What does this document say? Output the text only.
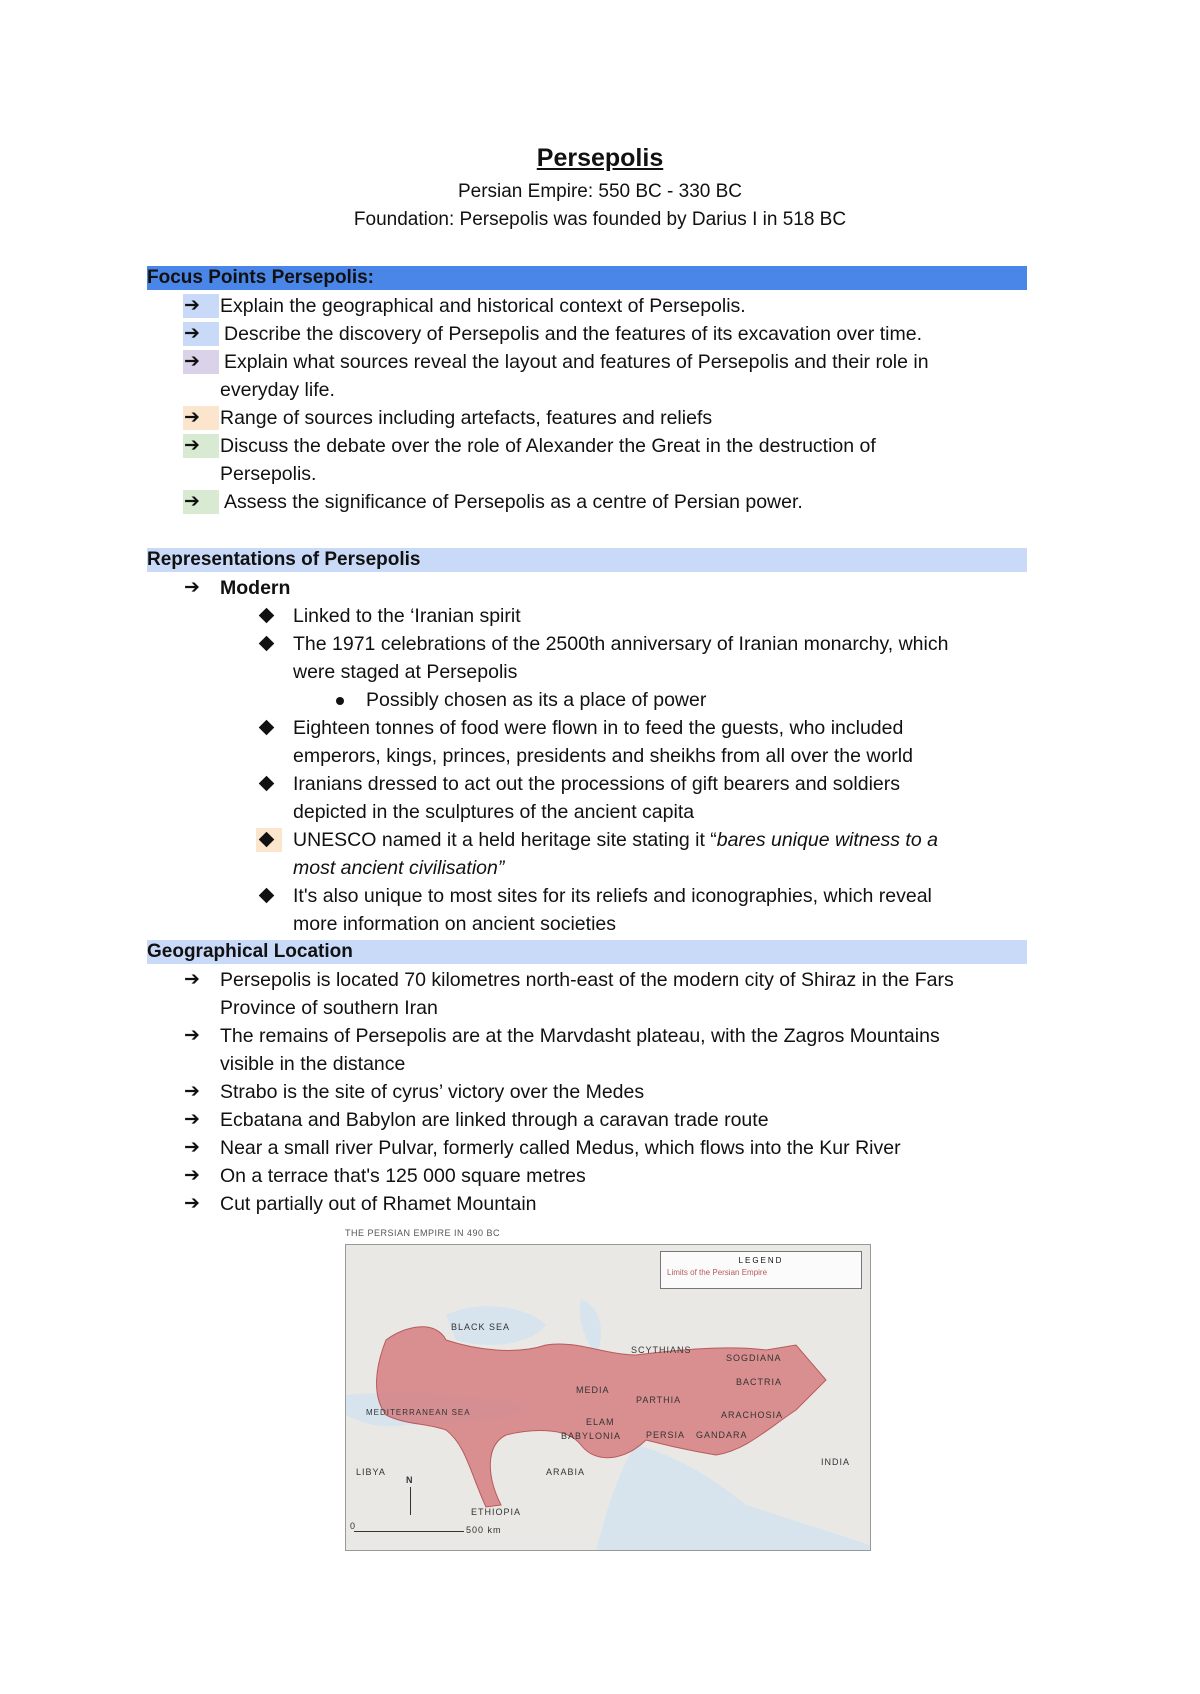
Persepolis
Persian Empire: 550 BC - 330 BC
Foundation: Persepolis was founded by Darius I in 518 BC
Focus Points Persepolis:
➔
➔
➔
➔
➔
➔
Explain the geographical and historical context of Persepolis.
Describe the discovery of Persepolis and the features of its excavation over time.
Explain what sources reveal the layout and features of Persepolis and their role in
everyday life.
Range of sources including artefacts, features and reliefs
Discuss the debate over the role of Alexander the Great in the destruction of
Persepolis.
Assess the significance of Persepolis as a centre of Persian power.
Representations of Persepolis
➔ Modern
Linked to the ‘Iranian spirit
The 1971 celebrations of the 2500th anniversary of Iranian monarchy, which
were staged at Persepolis
Possibly chosen as its a place of power
Eighteen tonnes of food were flown in to feed the guests, who included
emperors, kings, princes, presidents and sheikhs from all over the world
Iranians dressed to act out the processions of gift bearers and soldiers
depicted in the sculptures of the ancient capita
UNESCO named it a held heritage site stating it “bares unique witness to a
most ancient civilisation”
It's also unique to most sites for its reliefs and iconographies, which reveal
more information on ancient societies
Geographical Location
➔ Persepolis is located 70 kilometres north-east of the modern city of Shiraz in the Fars
Province of southern Iran
➔ The remains of Persepolis are at the Marvdasht plateau, with the Zagros Mountains
visible in the distance
➔ Strabo is the site of cyrus’ victory over the Medes
➔ Ecbatana and Babylon are linked through a caravan trade route
➔ Near a small river Pulvar, formerly called Medus, which flows into the Kur River
➔ On a terrace that's 125 000 square metres
➔ Cut partially out of Rhamet Mountain
THE PERSIAN EMPIRE IN 490 BC
LEGEND
Limits of the Persian Empire
SCYTHIANS
BLACK SEA
MEDIA
PARTHIA
PERSIA
ELAM
ARABIA
INDIA
LIBYA
ETHIOPIA
BABYLONIA
SOGDIANA
BACTRIA
ARACHOSIA
GANDARA
MEDITERRANEAN SEA
N
0	500 km
